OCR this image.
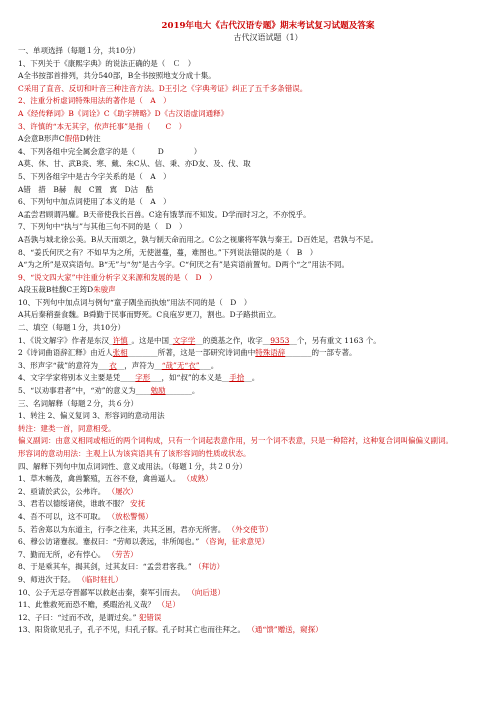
2019年电大《古代汉语专题》期末考试复习试题及答案
古代汉语试题（1）
一、单项选择（每题１分，共10分）
1、下列关于《康熙字典》的说法正确的是（　Ｃ　）
A全书按部首排列，共分540部，B全书按照地支分成十集。
C采用了直音、反切和叶音三种注音方法。D王引之《字典考证》纠正了五千多条错误。
2、注重分析虚词特殊用法的著作是（　A　）
A《经传释词》B《词诠》C《助字辨略》D《古汉语虚词通释》
3、许慎的“本无其字，依声托事”是指（　　C　）
A会意B形声C假借D转注
4、下列各组中完全属会意字的是（　　　D　　　　）
A莫、休、甘、武B炎、寒、戴、朱C从、信、秉、亦D友、及、伐、取
5、下列各组字中是古今字关系的是（　A　）
A错　措　B赫　舰　C置　寘　D沽　酤
6、下列句中加点词使用了本义的是（　A　）
A孟尝君顾谓冯驩。B天帝使我长百兽。C途有饿莩而不知发。D学而时习之，不亦悦乎。
7、下列句中“执与”与其他三句不同的是（　D　）
A吾孰与城北徐公美。B从天而颂之，孰与制天命而用之。C公之视廉将军孰与秦王。D百姓足，君孰与不足。
8、“姜氏何厌之有？不如早为之所，无使滋蔓，蔓，难图也。”下列说法错误的是（　B　）
A“为之所”是双宾语句。B“无”与“勿”是古今字。C“何厌之有”是宾语前置句。D两个“之”用法不同。
9、“说文四大家”中注重分析字义来源和发展的是（　D　）
A段玉裁B桂馥C王筠D朱骏声
10、下列句中加点词与例句“童子隅坐而执烛”用法不同的是（　D　）
A其后秦稍蚕食魏。B舜勤于民事而野死。C良庖岁更刀，割也。D子路拱而立。
二、填空（每题１分，共10分）
1、《说文解字》作者是东汉_许慎_。这是中国_文字学__的奠基之作，收字__9353__个，另有重文 1163 个。
2《诗词曲语辞汇释》由近人张相________所著，这是一部研究诗词曲中特殊语辞_______的一部专著。
3、形声字“裁”的意符为___衣__，声符为__“哉”无“衣”___。
4、文字学家将别本义主要是凭____字形___，如“叔”的本义是__手拾__。
5、“以劝事君者”中，“劝”的意义为____勉励_______。
三、名词解释（每题２分，共６分）
1、转注 2、偏义复词 3、形容词的意动用法
转注：建类一首，同意相受。
偏义副词：由意义相同或相近的两个词构成，只有一个词起表意作用，另一个词不表意，只是一种陪衬，这种复合词叫偏偏义副词。
形容词的意动用法：主观上认为该宾语具有了该形容词的性质或状态。
四、解释下列句中加点词词性、意义或用法。（每题１分，共２０分）
1、草木畅茂，禽兽繁殖，五谷不登，禽兽逼人。 （成熟）
2、亟请於武公，公弗许。 （屡次）
3、君若以德绥诸侯，谁敢不服？ 安抚
4、吾不可以，这不可取。 （放松警惕）
5、若舍郑以为东道主，行李之往来，共其乏困，君亦无所害。 （外交使节）
6、穆公访诸蹇叔。蹇叔曰：“劳师以袭远，非所闻也。” （咨询，征求意见）
7、勤而无所，必有悖心。 （劳苦）
8、于是乘其车，揭其剑，过其友曰：“孟尝君客我。” （拜访）
9、师进次于陉。 （临时驻扎）
10、公子无忌夺晋鄙军以救赵击秦，秦军引而去。 （向后退）
11、此惟救死而恐不赡，奚暇治礼义哉？ （足）
12、子曰：“过而不改，是谓过矣。” 犯错误
13、阳货欲见孔子，孔子不见，归孔子豚。孔子时其亡也而往拜之。 （通“馈”赠送，窥探）
